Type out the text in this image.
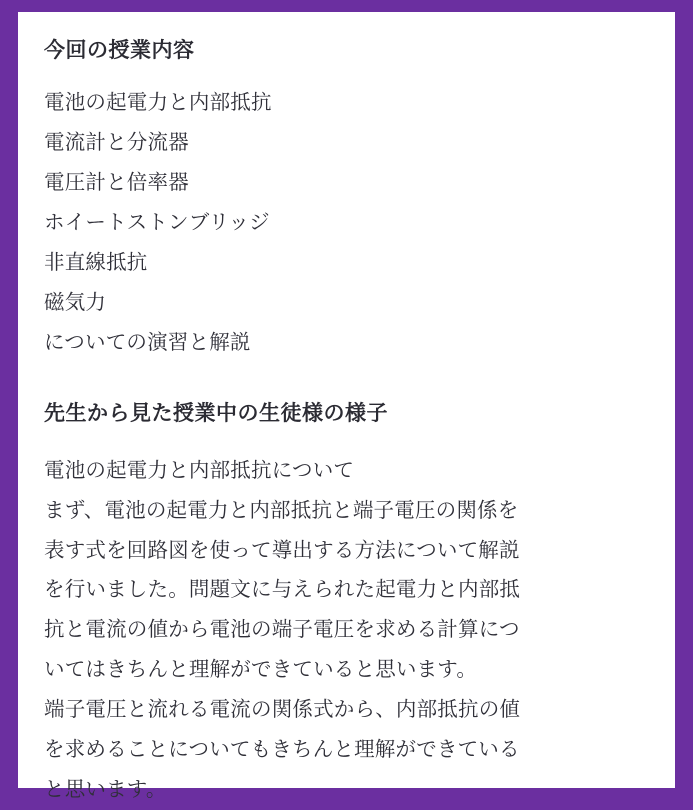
今回の授業内容
電池の起電力と内部抵抗
電流計と分流器
電圧計と倍率器
ホイートストンブリッジ
非直線抵抗
磁気力
についての演習と解説
先生から見た授業中の生徒様の様子
電池の起電力と内部抵抗について
まず、電池の起電力と内部抵抗と端子電圧の関係を
表す式を回路図を使って導出する方法について解説
を行いました。問題文に与えられた起電力と内部抵
抗と電流の値から電池の端子電圧を求める計算につ
いてはきちんと理解ができていると思います。
端子電圧と流れる電流の関係式から、内部抵抗の値
を求めることについてもきちんと理解ができている
と思います。
